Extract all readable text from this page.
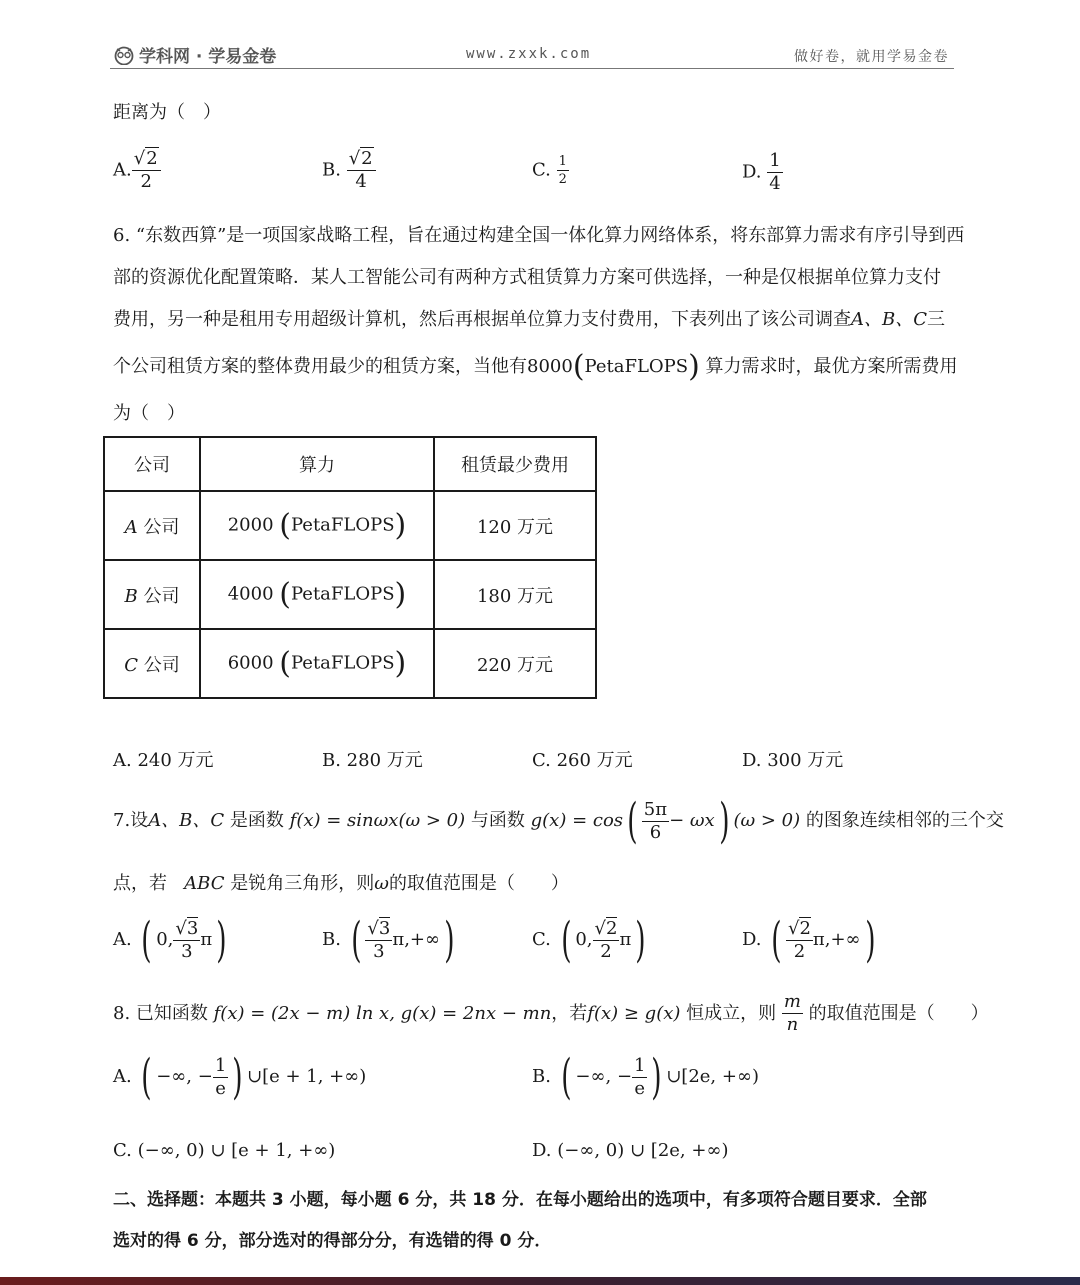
学科网 · 学易金卷	www.zxxk.com	做好卷，就用学易金卷
距离为（　）
A. $\frac{√2}{2}$	B. $\frac{√2}{4}$	C. $\frac{1}{2}$	D. $\frac{1}{4}$
6. “东数西算”是一项国家战略工程，旨在通过构建全国一体化算力网络体系，将东部算力需求有序引导到西
部的资源优化配置策略．某人工智能公司有两种方式租赁算力方案可供选择，一种是仅根据单位算力支付
费用，另一种是租用专用超级计算机，然后再根据单位算力支付费用，下表列出了该公司调查A、B、C三
个公司租赁方案的整体费用最少的租赁方案，当他有8000(PetaFLOPS) 算力需求时，最优方案所需费用
为（　）
公司	算力	租赁最少费用
A 公司	2000 (PetaFLOPS)	120 万元
B 公司	4000 (PetaFLOPS)	180 万元
C 公司	6000 (PetaFLOPS)	220 万元
A. 240 万元	B. 280 万元	C. 260 万元	D. 300 万元
7.设 A、B、C
是函数
f(x) = sinωx(ω > 0)
与函数
g(x) = cos ( $\frac{5\pi}{6} - \omega x$ ) (ω > 0)
的图象连续相邻的三个交
点，若 ABC 是锐角三角形，则ω的取值范围是（　　）
A.
( 0, $\frac{√3}{3}$ π )	B.
( $\frac{√3}{3} \pi,+\infty$ )	C.
( 0, $\frac{√2}{2}$ π )	D.
( $\frac{√2}{2} \pi,+\infty$ )
8. 已知函数
f(x) = (2x − m) ln x, g(x) = 2nx − mn ，若 f(x) ≥ g(x)
恒成立，则
$\frac{m}{n}$
的取值范围是（　　）
A.
( −∞, − $\frac{1}{e}$ ) ∪[e + 1, +∞)	B.
( −∞, − $\frac{1}{e}$ ) ∪[2e, +∞)
C. (−∞, 0) ∪ [e + 1, +∞)	D. (−∞, 0) ∪ [2e, +∞)
二、选择题：本题共 3 小题，每小题 6 分，共 18 分．在每小题给出的选项中，有多项符合题目要求．全部
选对的得 6 分，部分选对的得部分分，有选错的得 0 分．
